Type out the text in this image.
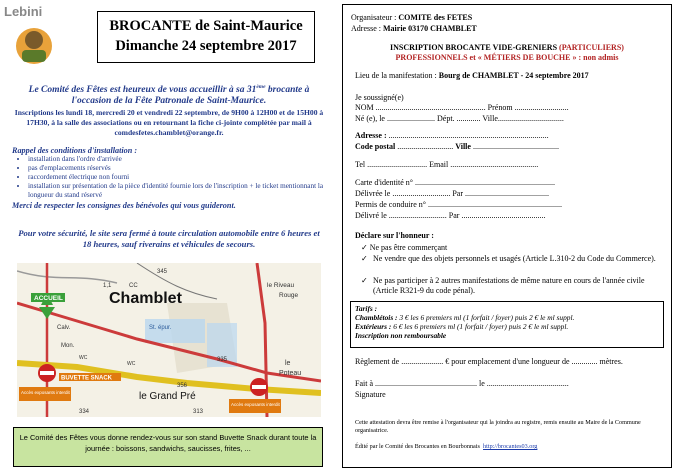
Lebini
BROCANTE de Saint-Maurice
Dimanche 24 septembre 2017
Le Comité des Fêtes est heureux de vous accueillir à sa 31ème brocante à l'occasion de la Fête Patronale de Saint-Maurice.
Inscriptions les lundi 18, mercredi 20 et vendredi 22 septembre, de 9H00 à 12H00 et de 15H00 à 17H30, à la salle des associations ou en retournant la fiche ci-jointe complétée par mail à comdesfetes.chamblet@orange.fr.
Rappel des conditions d'installation :
• installation dans l'ordre d'arrivée
• pas d'emplacements réservés
• raccordement électrique non fourni
• installation sur présentation de la pièce d'identité fournie lors de l'inscription + le ticket mentionnant la longueur du stand réservé
Merci de respecter les consignes des bénévoles qui vous guideront.
Pour votre sécurité, le site sera fermé à toute circulation automobile entre 6 heures et 18 heures, sauf riverains et véhicules de secours.
ACCUEIL
BUVETTE SNACK
Accès exposants interdit
Accès exposants interdit
Chamblet
345
1,1	CC
Calv.
Mon.
le Riveau
Rouge
St. épur.
335
le Grand Pré
le
Poteau
WC
WC
334	313
356
Le Comité des Fêtes vous donne rendez-vous sur son stand Buvette Snack durant toute la journée : boissons, sandwichs, saucisses, frites, ...
Organisateur : COMITE des FETES
Adresse : Mairie 03170 CHAMBLET
INSCRIPTION BROCANTE VIDE-GRENIERS (PARTICULIERS)
PROFESSIONNELS et « MÉTIERS DE BOUCHE » : non admis
Lieu de la manifestation : Bourg de CHAMBLET - 24 septembre 2017
Je soussigné(e)
NOM ....................................................... Prénom ...........................
Né (e), le ........................ Dépt. ............ Ville.................................
Adresse : ................................................................................
Code postal ............................ Ville ...........................................
Tel .............................. Email ............................................
Carte d'identité n° ......................................................................
Délivrée le ............................. Par ..........................................
Permis de conduire n° ...................................................................
Délivré le ............................. Par ..........................................
Déclare sur l'honneur :
✓ Ne pas être commerçant
✓ Ne vendre que des objets personnels et usagés (Article L.310-2 du Code du Commerce).
✓ Ne pas participer à 2 autres manifestations de même nature en cours de l'année civile (Article R321-9 du code pénal).
Tarifs :
Chamblétois : 3 € les 6 premiers ml (1 forfait / foyer) puis 2 € le ml suppl.
Extérieurs : 6 € les 6 premiers ml (1 forfait / foyer) puis 2 € le ml suppl.
Inscription non remboursable
Règlement de ..................... € pour emplacement d'une longueur de ............. mètres.
Fait à ................................................... le .........................................
Signature
Cette attestation devra être remise à l'organisateur qui la joindra au registre, remis ensuite au Maire de la Commune organisatrice.
Édité par le Comité des Brocantes en Bourbonnais http://brocantes03.org
